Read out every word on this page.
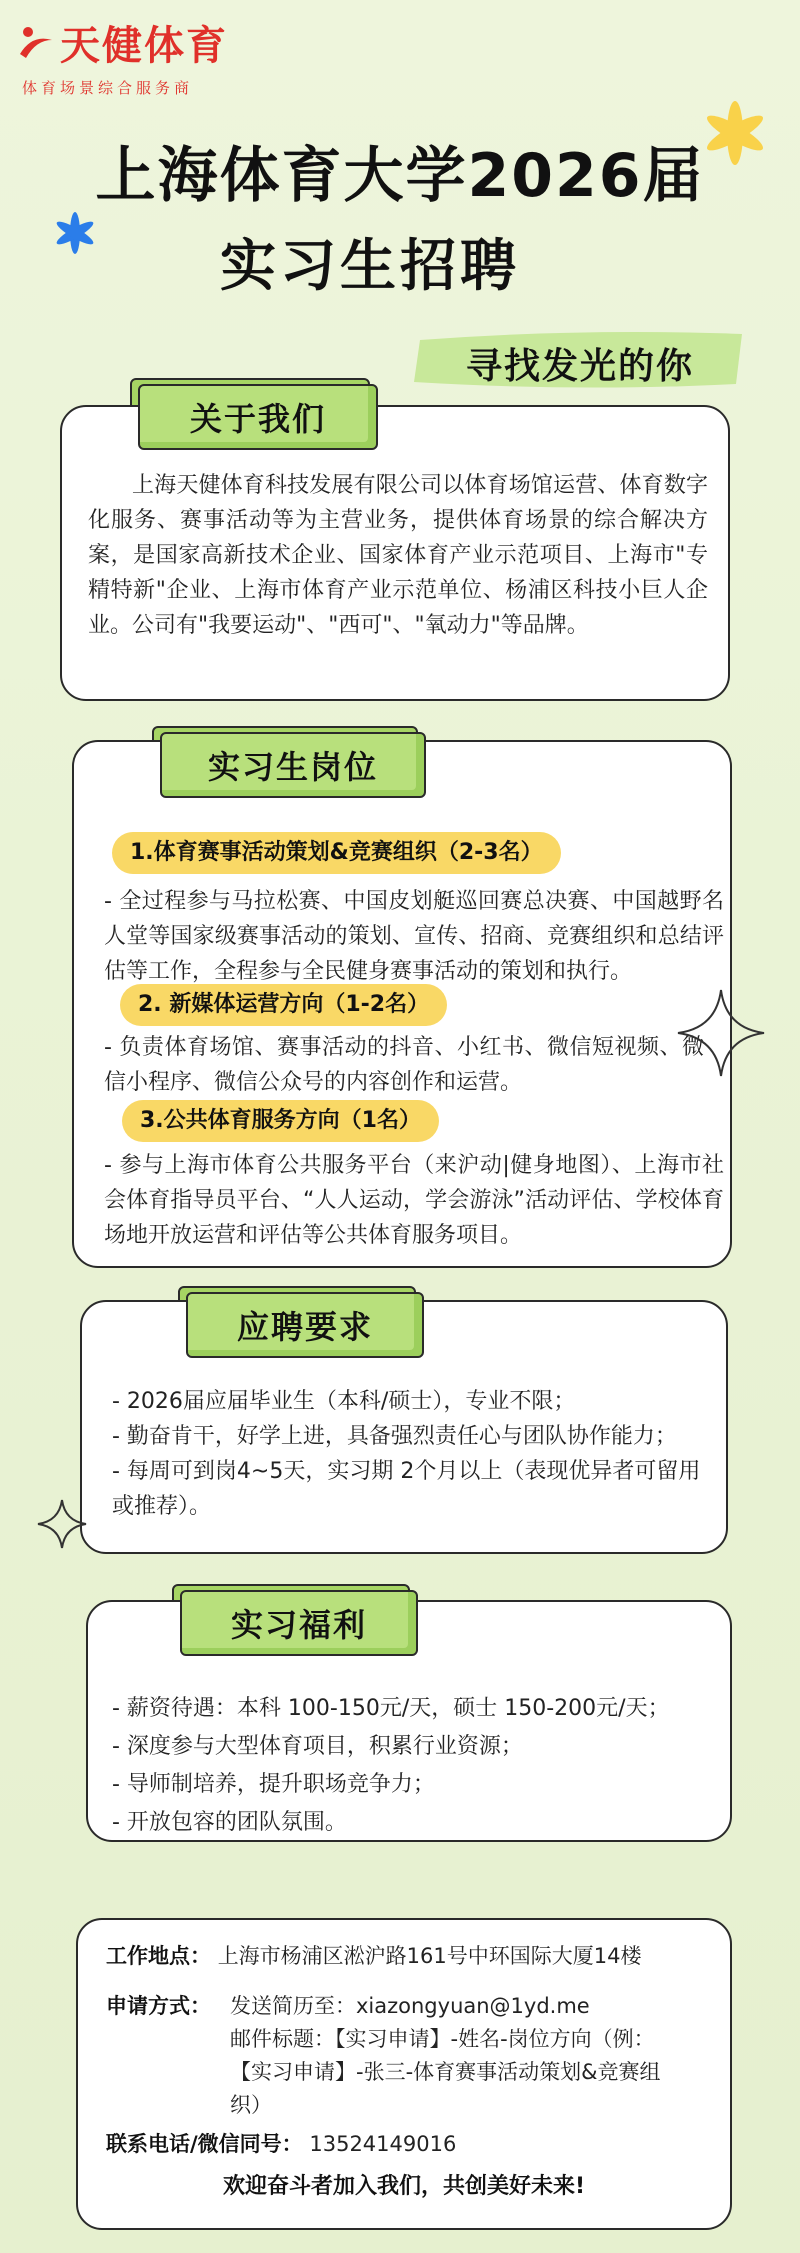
天健体育
体育场景综合服务商
上海体育大学2026届
实习生招聘
寻找发光的你
关于我们
上海天健体育科技发展有限公司以体育场馆运营、体育数字化服务、赛事活动等为主营业务，提供体育场景的综合解决方案，是国家高新技术企业、国家体育产业示范项目、上海市"专精特新"企业、上海市体育产业示范单位、杨浦区科技小巨人企业。公司有"我要运动"、"西可"、"氧动力"等品牌。
实习生岗位
1.体育赛事活动策划&竞赛组织（2-3名）
- 全过程参与马拉松赛、中国皮划艇巡回赛总决赛、中国越野名人堂等国家级赛事活动的策划、宣传、招商、竞赛组织和总结评估等工作，全程参与全民健身赛事活动的策划和执行。
2. 新媒体运营方向（1-2名）
- 负责体育场馆、赛事活动的抖音、小红书、微信短视频、微信小程序、微信公众号的内容创作和运营。
3.公共体育服务方向（1名）
- 参与上海市体育公共服务平台（来沪动|健身地图）、上海市社会体育指导员平台、“人人运动，学会游泳”活动评估、学校体育场地开放运营和评估等公共体育服务项目。
应聘要求
- 2026届应届毕业生（本科/硕士），专业不限；
- 勤奋肯干，好学上进，具备强烈责任心与团队协作能力；
- 每周可到岗4~5天，实习期 2个月以上（表现优异者可留用或推荐）。
实习福利
- 薪资待遇：本科 100-150元/天，硕士 150-200元/天；
- 深度参与大型体育项目，积累行业资源；
- 导师制培养，提升职场竞争力；
- 开放包容的团队氛围。
工作地点： 上海市杨浦区淞沪路161号中环国际大厦14楼
申请方式： 发送简历至：xiazongyuan@1yd.me
邮件标题：【实习申请】-姓名-岗位方向（例：
【实习申请】-张三-体育赛事活动策划&竞赛组
织）
联系电话/微信同号： 13524149016
欢迎奋斗者加入我们，共创美好未来!
